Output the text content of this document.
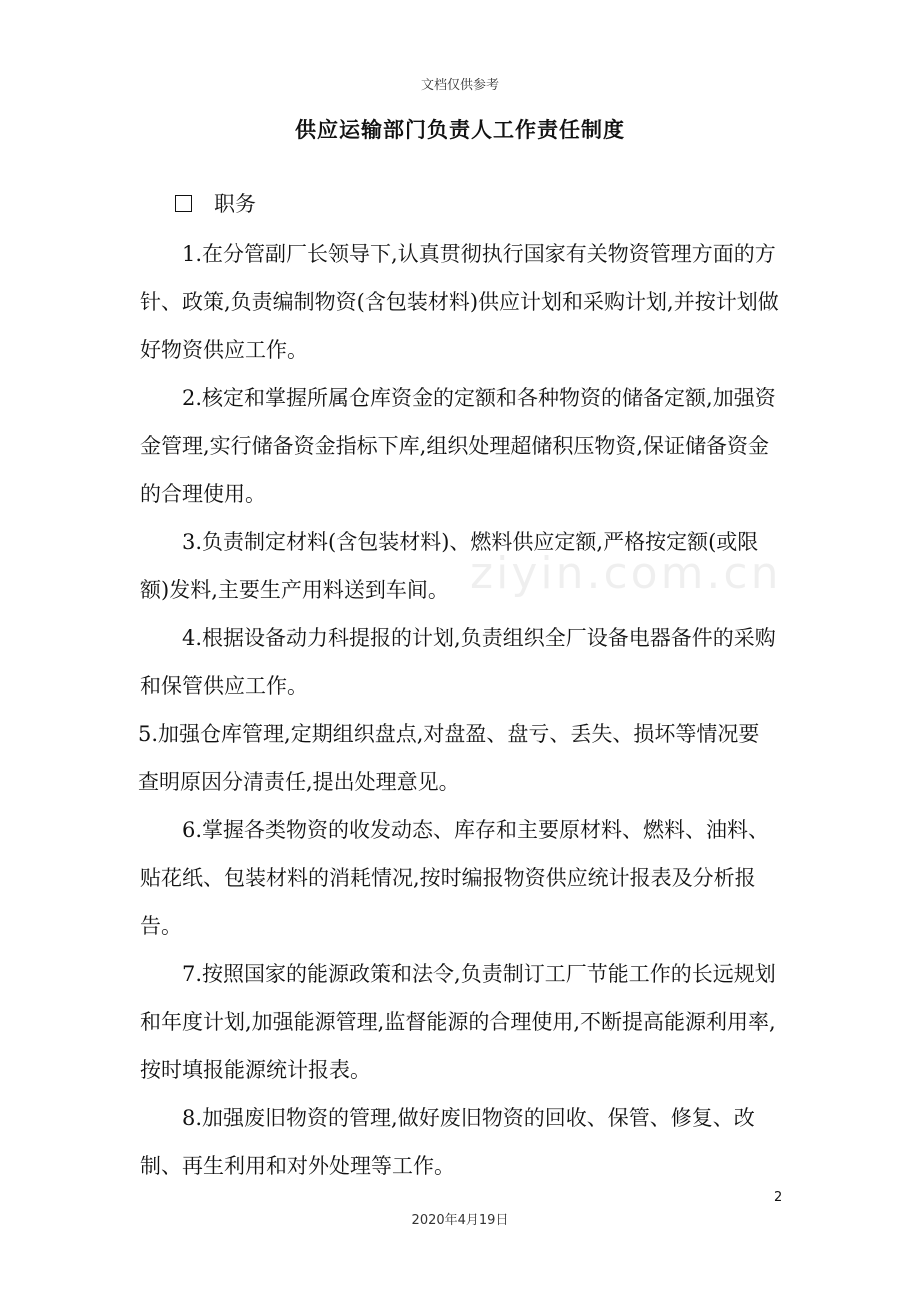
文档仅供参考
供应运输部门负责人工作责任制度
职务

1.在分管副厂长领导下,认真贯彻执行国家有关物资管理方面的方针、政策,负责编制物资(含包装材料)供应计划和采购计划,并按计划做好物资供应工作。

2.核定和掌握所属仓库资金的定额和各种物资的储备定额,加强资金管理,实行储备资金指标下库,组织处理超储积压物资,保证储备资金的合理使用。

3.负责制定材料(含包装材料)、燃料供应定额,严格按定额(或限额)发料,主要生产用料送到车间。

4.根据设备动力科提报的计划,负责组织全厂设备电器备件的采购和保管供应工作。

5.加强仓库管理,定期组织盘点,对盘盈、盘亏、丢失、损坏等情况要查明原因分清责任,提出处理意见。

6.掌握各类物资的收发动态、库存和主要原材料、燃料、油料、贴花纸、包装材料的消耗情况,按时编报物资供应统计报表及分析报告。

7.按照国家的能源政策和法令,负责制订工厂节能工作的长远规划和年度计划,加强能源管理,监督能源的合理使用,不断提高能源利用率,按时填报能源统计报表。

8.加强废旧物资的管理,做好废旧物资的回收、保管、修复、改制、再生利用和对外处理等工作。

ziyin.com.cn
2
2020年4月19日
